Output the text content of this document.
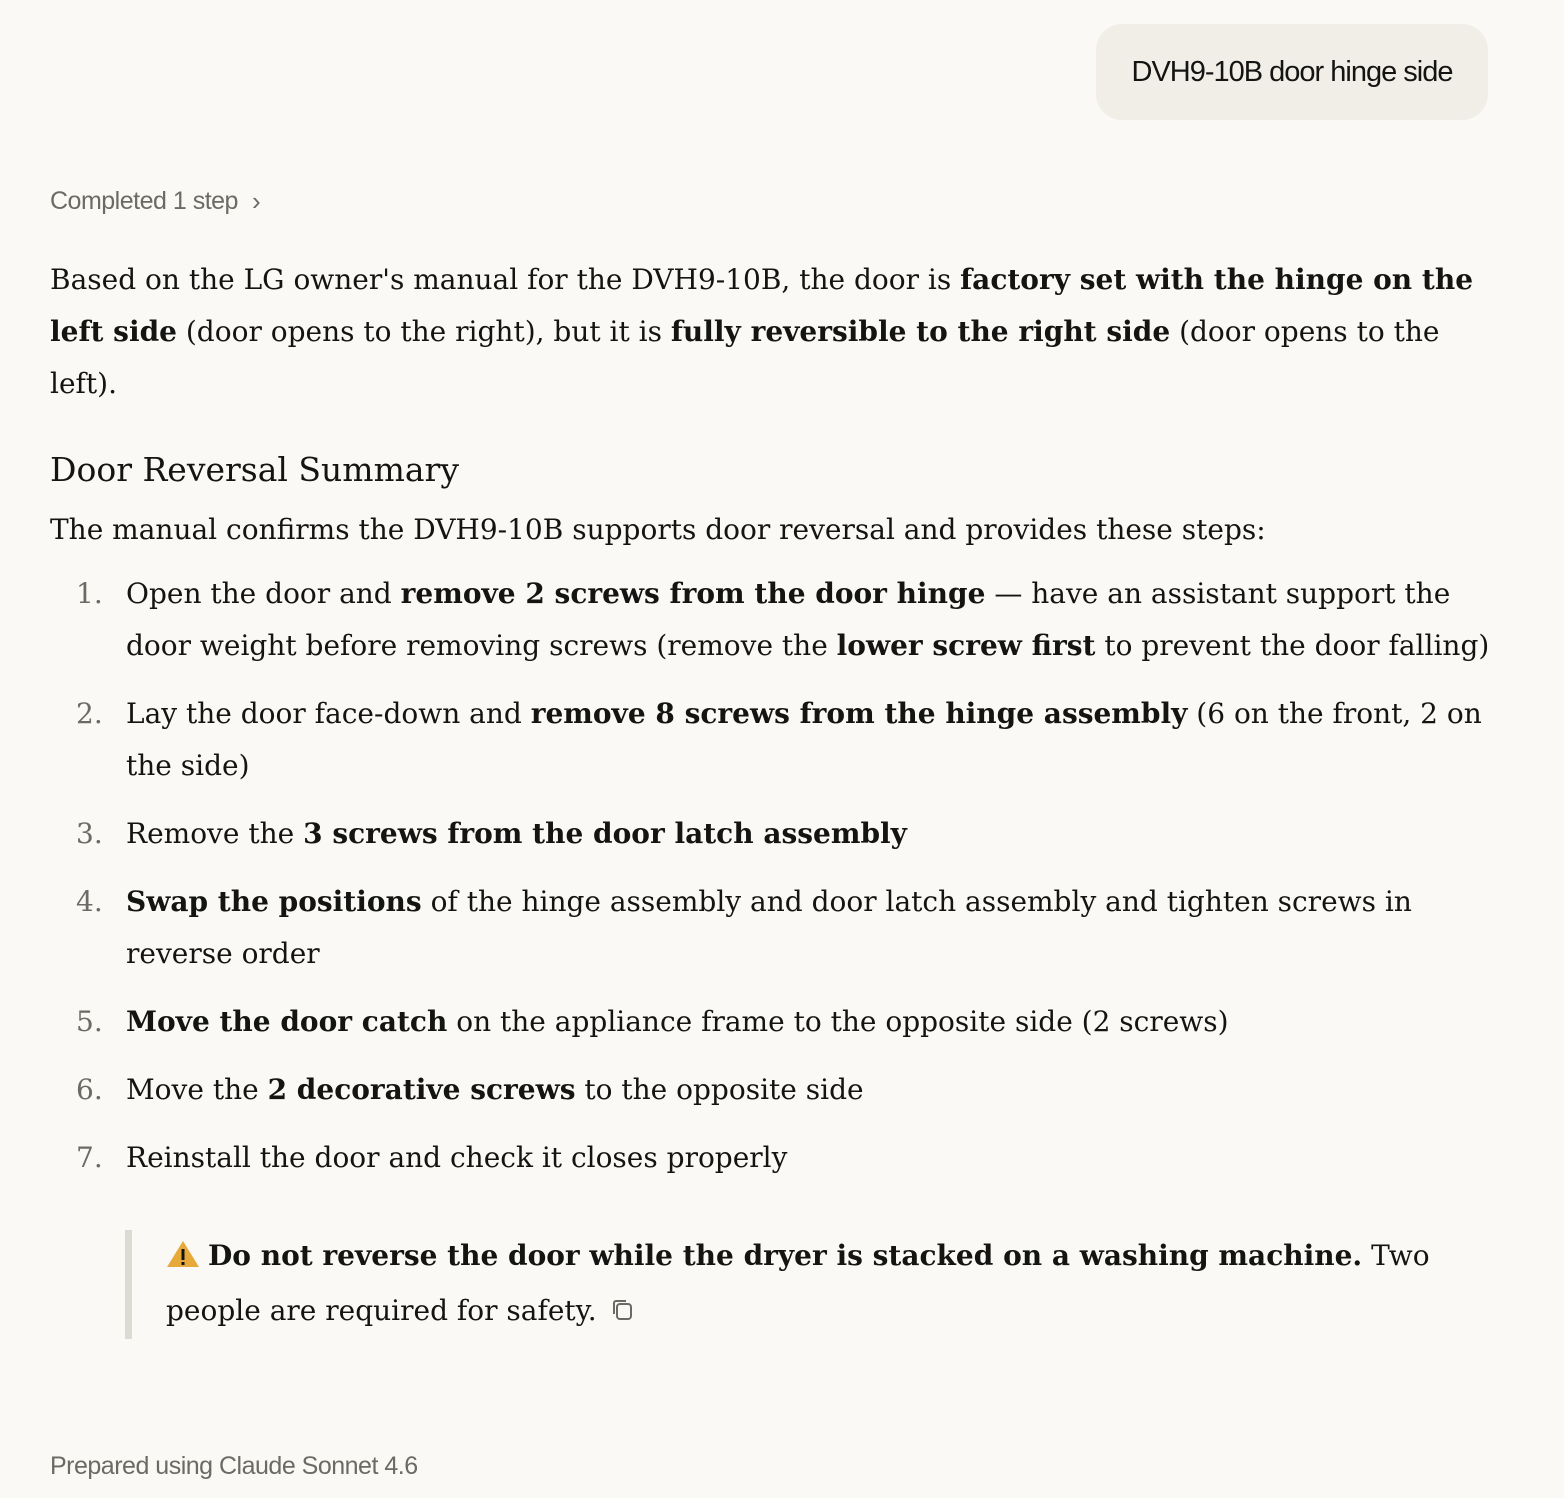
DVH9-10B door hinge side
Completed 1 step ›

Based on the LG owner's manual for the DVH9-10B, the door is factory set with the hinge on the left side (door opens to the right), but it is fully reversible to the right side (door opens to the left).

Door Reversal Summary

The manual confirms the DVH9-10B supports door reversal and provides these steps:

1. Open the door and remove 2 screws from the door hinge — have an assistant support the door weight before removing screws (remove the lower screw first to prevent the door falling)
2. Lay the door face-down and remove 8 screws from the hinge assembly (6 on the front, 2 on the side)
3. Remove the 3 screws from the door latch assembly
4. Swap the positions of the hinge assembly and door latch assembly and tighten screws in reverse order
5. Move the door catch on the appliance frame to the opposite side (2 screws)
6. Move the 2 decorative screws to the opposite side
7. Reinstall the door and check it closes properly
Do not reverse the door while the dryer is stacked on a washing machine. Two people are required for safety.
Prepared using Claude Sonnet 4.6
